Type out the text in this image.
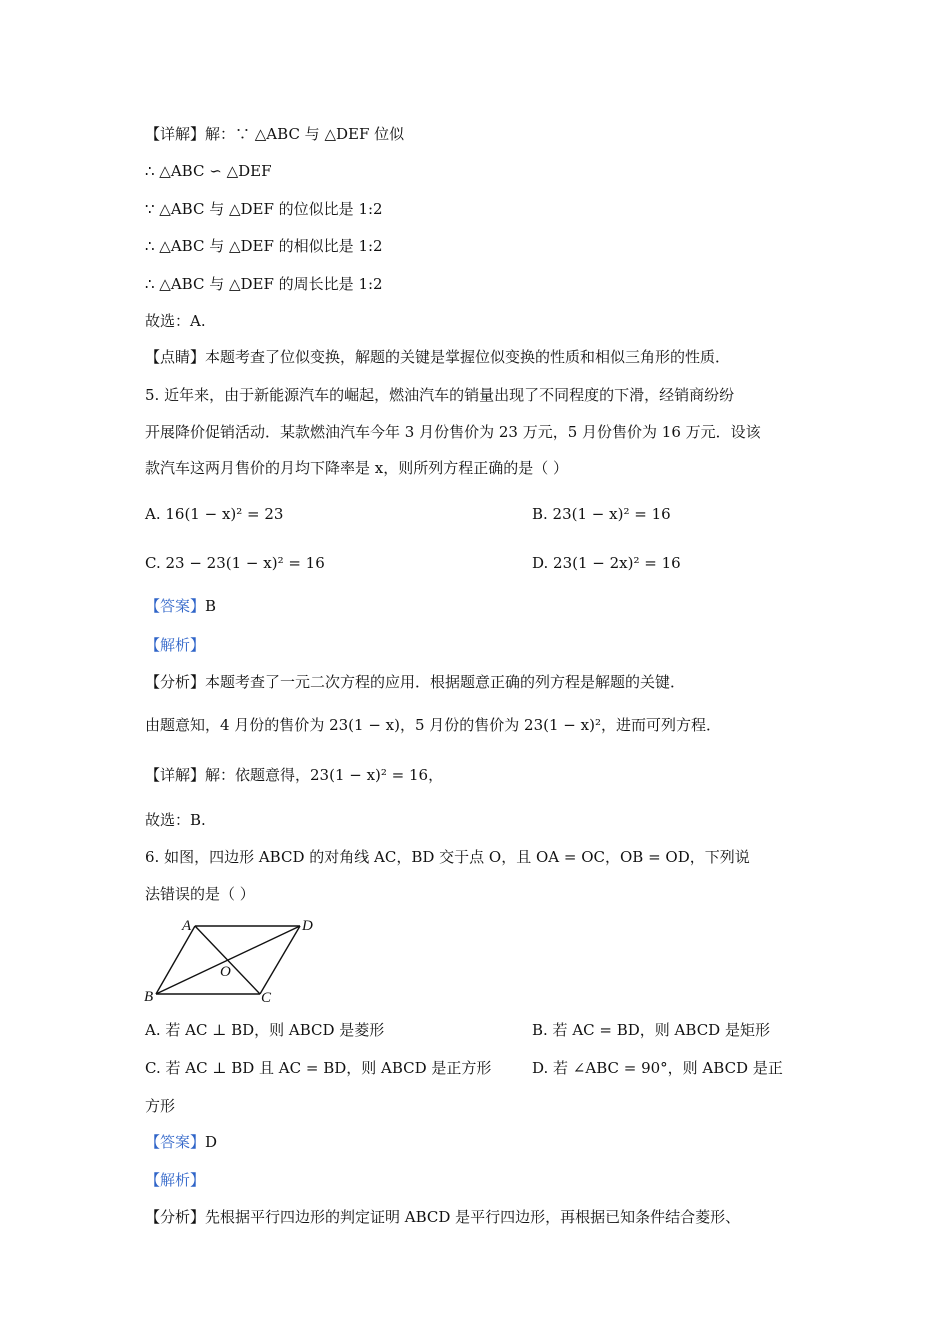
【详解】解：∵ △ABC 与 △DEF 位似
∴ △ABC ∽ △DEF
∵ △ABC 与 △DEF 的位似比是 1:2
∴ △ABC 与 △DEF 的相似比是 1:2
∴ △ABC 与 △DEF 的周长比是 1:2
故选：A.
【点睛】本题考查了位似变换，解题的关键是掌握位似变换的性质和相似三角形的性质．
5. 近年来，由于新能源汽车的崛起，燃油汽车的销量出现了不同程度的下滑，经销商纷纷
开展降价促销活动．某款燃油汽车今年 3 月份售价为 23 万元，5 月份售价为 16 万元．设该
款汽车这两月售价的月均下降率是 x，则所列方程正确的是（ ）
A. 16(1 − x)² = 23	B. 23(1 − x)² = 16
C. 23 − 23(1 − x)² = 16	D. 23(1 − 2x)² = 16
【答案】B
【解析】
【分析】本题考查了一元二次方程的应用．根据题意正确的列方程是解题的关键．
由题意知，4 月份的售价为 23(1 − x)，5 月份的售价为 23(1 − x)²，进而可列方程．
【详解】解：依题意得，23(1 − x)² = 16，
故选：B.
6. 如图，四边形 ABCD 的对角线 AC，BD 交于点 O，且 OA = OC，OB = OD，下列说
法错误的是（ ）
A	D
B	C
O
A. 若 AC ⊥ BD，则 ABCD 是菱形	B. 若 AC = BD，则 ABCD 是矩形
C. 若 AC ⊥ BD 且 AC = BD，则 ABCD 是正方形	D. 若 ∠ABC = 90°，则 ABCD 是正
方形
【答案】D
【解析】
【分析】先根据平行四边形的判定证明 ABCD 是平行四边形，再根据已知条件结合菱形、
